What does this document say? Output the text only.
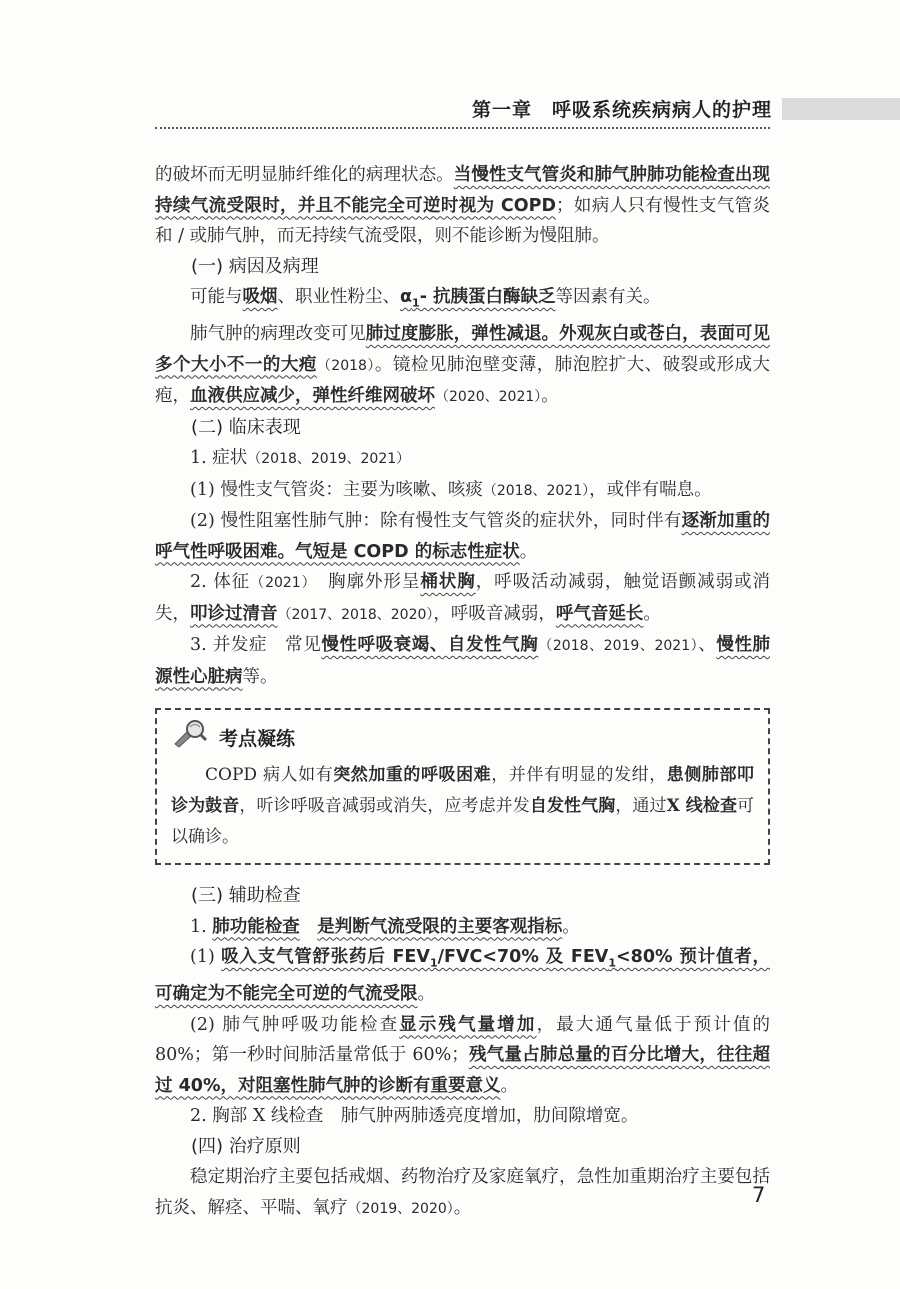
第一章　呼吸系统疾病病人的护理

的破坏而无明显肺纤维化的病理状态。当慢性支气管炎和肺气肿肺功能检查出现持续气流受限时，并且不能完全可逆时视为 COPD；如病人只有慢性支气管炎和 / 或肺气肿，而无持续气流受限，则不能诊断为慢阻肺。

(一) 病因及病理

可能与吸烟、职业性粉尘、$\alpha_1-$ 抗胰蛋白酶缺乏等因素有关。

肺气肿的病理改变可见肺过度膨胀，弹性减退。外观灰白或苍白，表面可见多个大小不一的大疱（2018）。镜检见肺泡壁变薄，肺泡腔扩大、破裂或形成大疱，血液供应减少，弹性纤维网破坏（2020、2021）。

(二) 临床表现

1. 症状（2018、2019、2021）

(1) 慢性支气管炎：主要为咳嗽、咳痰（2018、2021），或伴有喘息。

(2) 慢性阻塞性肺气肿：除有慢性支气管炎的症状外，同时伴有逐渐加重的呼气性呼吸困难。气短是 COPD 的标志性症状。

2. 体征（2021）　胸廓外形呈桶状胸，呼吸活动减弱，触觉语颤减弱或消失，叩诊过清音（2017、2018、2020），呼吸音减弱，呼气音延长。

3. 并发症　常见慢性呼吸衰竭、自发性气胸（2018、2019、2021）、慢性肺源性心脏病等。

考点凝练

COPD 病人如有突然加重的呼吸困难，并伴有明显的发绀，患侧肺部叩诊为鼓音，听诊呼吸音减弱或消失，应考虑并发自发性气胸，通过X 线检查可以确诊。

(三) 辅助检查

1. 肺功能检查　 是判断气流受限的主要客观指标。

(1) 吸入支气管舒张药后 $FEV_1/FVC<70\%$ 及 $FEV_1<80\%$ 预计值者，可确定为不能完全可逆的气流受限。

(2) 肺气肿呼吸功能检查显示残气量增加，最大通气量低于预计值的 80%；第一秒时间肺活量常低于 60%；残气量占肺总量的百分比增大，往往超过 40%，对阻塞性肺气肿的诊断有重要意义。

2. 胸部 X 线检查　肺气肿两肺透亮度增加，肋间隙增宽。

(四) 治疗原则

稳定期治疗主要包括戒烟、药物治疗及家庭氧疗，急性加重期治疗主要包括抗炎、解痉、平喘、氧疗（2019、2020）。

7
